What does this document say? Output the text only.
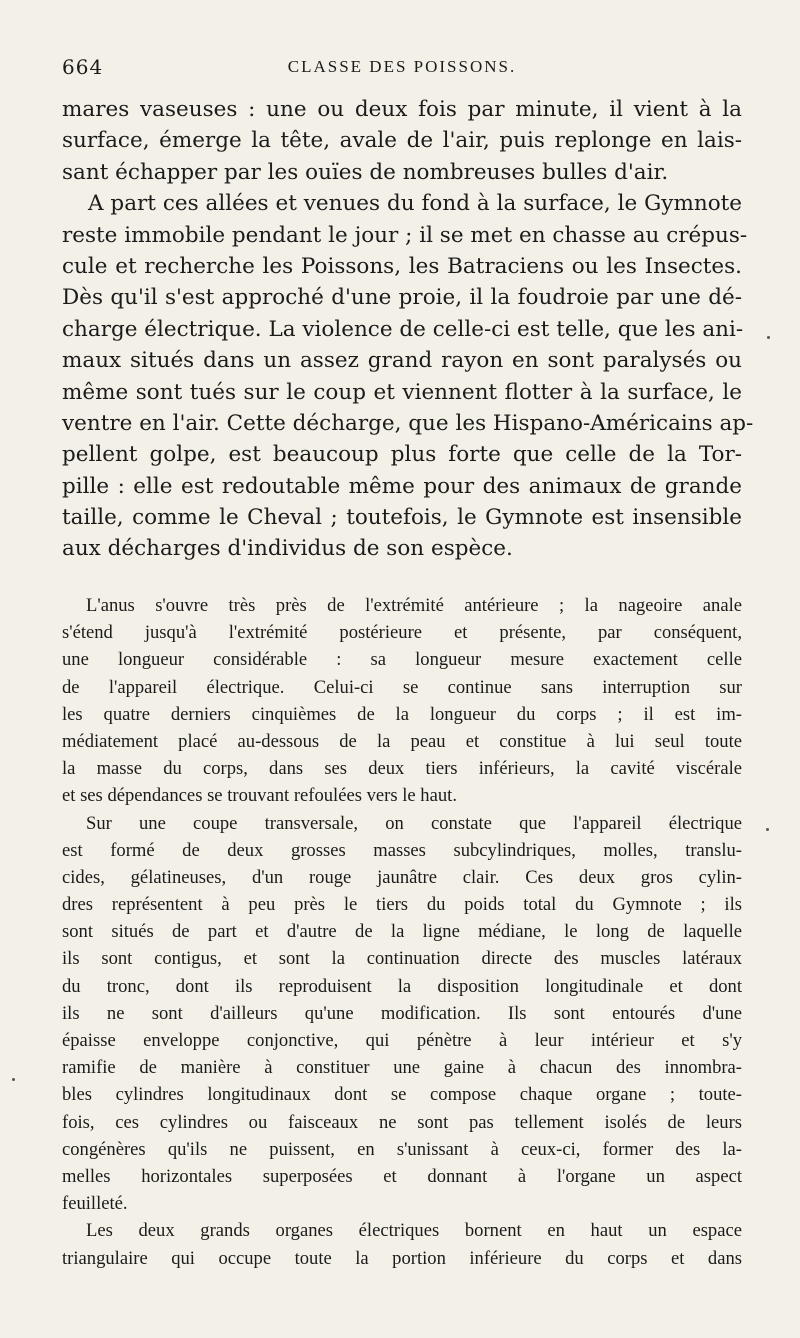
664	CLASSE DES POISSONS.
mares vaseuses : une ou deux fois par minute, il vient à la
surface, émerge la tête, avale de l'air, puis replonge en lais-
sant échapper par les ouïes de nombreuses bulles d'air.
A part ces allées et venues du fond à la surface, le Gymnote
reste immobile pendant le jour ; il se met en chasse au crépus-
cule et recherche les Poissons, les Batraciens ou les Insectes.
Dès qu'il s'est approché d'une proie, il la foudroie par une dé-
charge électrique. La violence de celle-ci est telle, que les ani-
maux situés dans un assez grand rayon en sont paralysés ou
même sont tués sur le coup et viennent flotter à la surface, le
ventre en l'air. Cette décharge, que les Hispano-Américains ap-
pellent golpe, est beaucoup plus forte que celle de la Tor-
pille : elle est redoutable même pour des animaux de grande
taille, comme le Cheval ; toutefois, le Gymnote est insensible
aux décharges d'individus de son espèce.
L'anus s'ouvre très près de l'extrémité antérieure ; la nageoire anale
s'étend jusqu'à l'extrémité postérieure et présente, par conséquent,
une longueur considérable : sa longueur mesure exactement celle
de l'appareil électrique. Celui-ci se continue sans interruption sur
les quatre derniers cinquièmes de la longueur du corps ; il est im-
médiatement placé au-dessous de la peau et constitue à lui seul toute
la masse du corps, dans ses deux tiers inférieurs, la cavité viscérale
et ses dépendances se trouvant refoulées vers le haut.
Sur une coupe transversale, on constate que l'appareil électrique
est formé de deux grosses masses subcylindriques, molles, translu-
cides, gélatineuses, d'un rouge jaunâtre clair. Ces deux gros cylin-
dres représentent à peu près le tiers du poids total du Gymnote ; ils
sont situés de part et d'autre de la ligne médiane, le long de laquelle
ils sont contigus, et sont la continuation directe des muscles latéraux
du tronc, dont ils reproduisent la disposition longitudinale et dont
ils ne sont d'ailleurs qu'une modification. Ils sont entourés d'une
épaisse enveloppe conjonctive, qui pénètre à leur intérieur et s'y
ramifie de manière à constituer une gaine à chacun des innombra-
bles cylindres longitudinaux dont se compose chaque organe ; toute-
fois, ces cylindres ou faisceaux ne sont pas tellement isolés de leurs
congénères qu'ils ne puissent, en s'unissant à ceux-ci, former des la-
melles horizontales superposées et donnant à l'organe un aspect
feuilleté.
Les deux grands organes électriques bornent en haut un espace
triangulaire qui occupe toute la portion inférieure du corps et dans
